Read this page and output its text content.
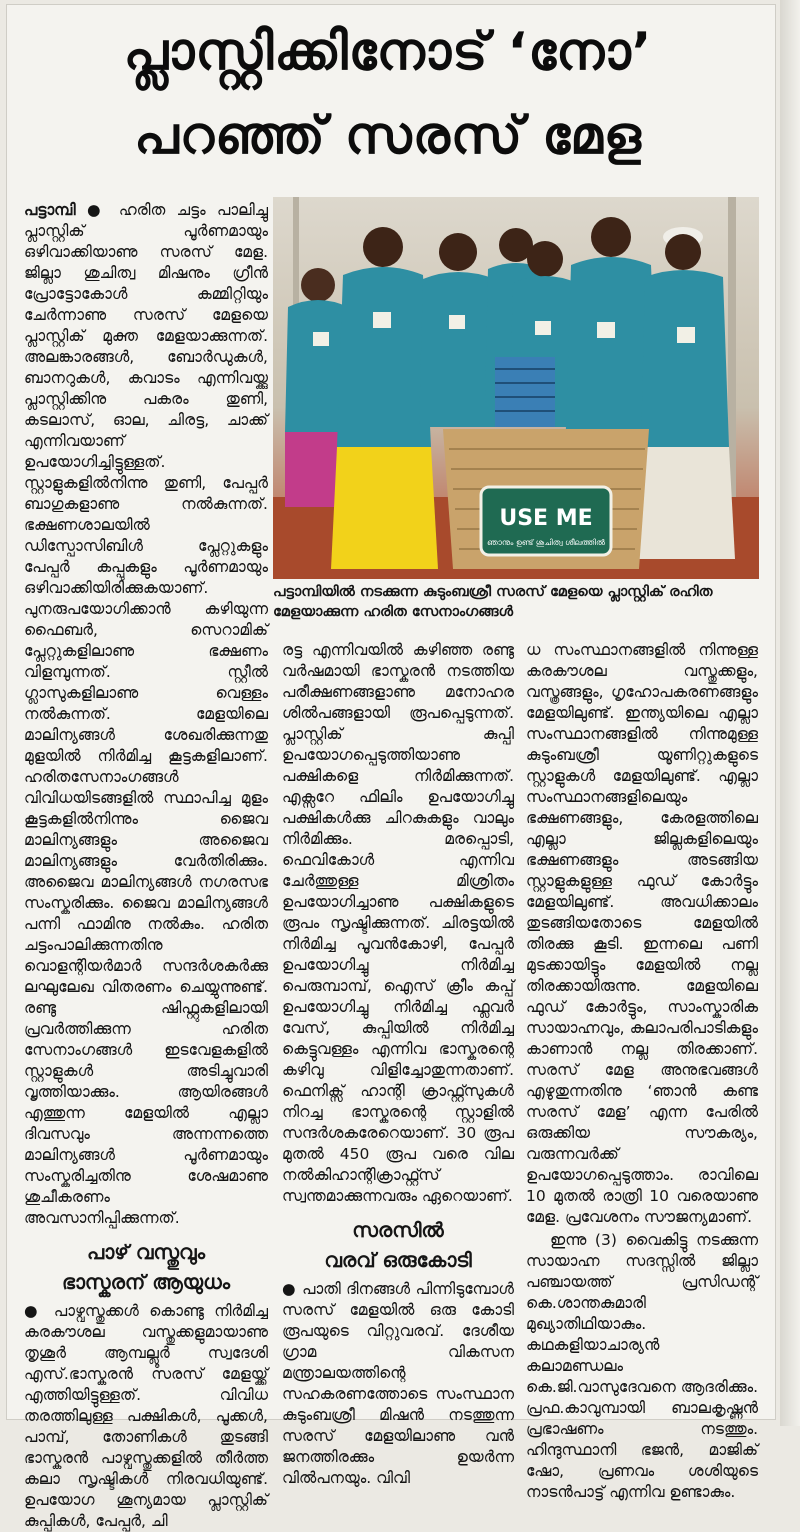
പ്ലാസ്റ്റിക്കിനോട് ‘നോ’
പറഞ്ഞ് സരസ് മേള

പട്ടാമ്പി ● ഹരിത ചട്ടം പാലിച്ചു പ്ലാസ്റ്റിക് പൂർണമായും ഒഴിവാക്കിയാണു സരസ് മേള. ജില്ലാ ശുചിത്വ മിഷനും ഗ്രീൻ പ്രോട്ടോകോൾ കമ്മിറ്റിയും ചേർന്നാണു സരസ് മേളയെ പ്ലാസ്റ്റിക് മുക്ത മേളയാക്കുന്നത്. അലങ്കാരങ്ങൾ, ബോർഡുകൾ, ബാനറുകൾ, കവാടം എന്നിവയ്ക്കു പ്ലാസ്റ്റിക്കിനു പകരം തുണി, കടലാസ്, ഓല, ചിരട്ട, ചാക്ക് എന്നിവയാണ് ഉപയോഗിച്ചിട്ടുള്ളത്. സ്റ്റാളുകളിൽനിന്നു തുണി, പേപ്പർ ബാഗുകളാണു നൽകുന്നത്. ഭക്ഷണശാലയിൽ ഡിസ്പോസിബിൾ പ്ലേറ്റുകളും പേപ്പർ കപ്പുകളും പൂർണമായും ഒഴിവാക്കിയിരിക്കുകയാണ്. പുനരുപയോഗിക്കാൻ കഴിയുന്ന ഫൈബർ, സെറാമിക് പ്ലേറ്റുകളിലാണു ഭക്ഷണം വിളമ്പുന്നത്. സ്റ്റീൽ ഗ്ലാസുകളിലാണു വെള്ളം നൽകുന്നത്. മേളയിലെ മാലിന്യങ്ങൾ ശേഖരിക്കുന്നതു മുളയിൽ നിർമിച്ച കൂട്ടകളിലാണ്. ഹരിതസേനാംഗങ്ങൾ വിവിധയിടങ്ങളിൽ സ്ഥാപിച്ച മുളം കൂട്ടകളിൽനിന്നും ജൈവ മാലിന്യങ്ങളും അജൈവ മാലിന്യങ്ങളും വേർതിരിക്കും. അജൈവ മാലിന്യങ്ങൾ നഗരസഭ സംസ്കരിക്കും. ജൈവ മാലിന്യങ്ങൾ പന്നി ഫാമിനു നൽകും. ഹരിത ചട്ടംപാലിക്കുന്നതിനു വൊളന്റിയർമാർ സന്ദർശകർക്കു ലഘുലേഖ വിതരണം ചെയ്യുന്നുണ്ട്. രണ്ടു ഷിഫ്റ്റുകളിലായി പ്രവർത്തിക്കുന്ന ഹരിത സേനാംഗങ്ങൾ ഇടവേളകളിൽ സ്റ്റാളുകൾ അടിച്ചുവാരി വൃത്തിയാക്കും. ആയിരങ്ങൾ എത്തുന്ന മേളയിൽ എല്ലാ ദിവസവും അന്നന്നത്തെ മാലിന്യങ്ങൾ പൂർണമായും സംസ്കരിച്ചതിനു ശേഷമാണു ശുചീകരണം അവസാനിപ്പിക്കുന്നത്.

പാഴ് വസ്തുവും
ഭാസ്കരന് ആയുധം

● പാഴ്വസ്തുക്കൾ കൊണ്ടു നിർമിച്ച കരകൗശല വസ്തുക്കളുമായാണു തൃശൂർ ആമ്പല്ലൂർ സ്വദേശി എസ്.ഭാസ്കരൻ സരസ് മേളയ്ക്ക് എത്തിയിട്ടുള്ളത്. വിവിധ തരത്തിലുള്ള പക്ഷികൾ, പൂക്കൾ, പാമ്പ്, തോണികൾ തുടങ്ങി ഭാസ്കരൻ പാഴ്വസ്തുക്കളിൽ തീർത്ത കലാ സൃഷ്ടികൾ നിരവധിയുണ്ട്. ഉപയോഗ ശൂന്യമായ പ്ലാസ്റ്റിക് കുപ്പികൾ, പേപ്പർ, ചി

USE ME
ഞാനും ഉണ്ട് ശുചിത്വ ശീലത്തിൽ
പട്ടാമ്പിയിൽ നടക്കുന്ന കുടുംബശ്രീ സരസ് മേളയെ പ്ലാസ്റ്റിക് രഹിത മേളയാക്കുന്ന ഹരിത സേനാംഗങ്ങൾ

രട്ട എന്നിവയിൽ കഴിഞ്ഞ രണ്ടു വർഷമായി ഭാസ്കരൻ നടത്തിയ പരീക്ഷണങ്ങളാണു മനോഹര ശിൽപങ്ങളായി രൂപപ്പെടുന്നത്. പ്ലാസ്റ്റിക് കുപ്പി ഉപയോഗപ്പെടുത്തിയാണു പക്ഷികളെ നിർമിക്കുന്നത്. എക്സറേ ഫിലിം ഉപയോഗിച്ചു പക്ഷികൾക്കു ചിറകുകളും വാലും നിർമിക്കും. മരപ്പൊടി, ഫെവികോൾ എന്നിവ ചേർത്തുള്ള മിശ്രിതം ഉപയോഗിച്ചാണു പക്ഷികളുടെ രൂപം സൃഷ്ടിക്കുന്നത്. ചിരട്ടയിൽ നിർമിച്ച പൂവൻകോഴി, പേപ്പർ ഉപയോഗിച്ചു നിർമിച്ച പെരുമ്പാമ്പ്, ഐസ് ക്രീം കപ്പ് ഉപയോഗിച്ചു നിർമിച്ച ഫ്ലവർ വേസ്, കുപ്പിയിൽ നിർമിച്ച കെട്ടുവള്ളം എന്നിവ ഭാസ്കരന്റെ കഴിവു വിളിച്ചോതുന്നതാണ്. ഫെനിക്സ് ഹാന്റി ക്രാഫ്റ്റ്സുകൾ നിറച്ച ഭാസ്കരന്റെ സ്റ്റാളിൽ സന്ദർശകരേറെയാണ്. 30 രൂപ മുതൽ 450 രൂപ വരെ വില നൽകിഹാന്റിക്രാഫ്റ്റ്സ് സ്വന്തമാക്കുന്നവരും ഏറെയാണ്.

സരസിൽ
വരവ് ഒരുകോടി

● പാതി ദിനങ്ങൾ പിന്നിടുമ്പോൾ സരസ് മേളയിൽ ഒരു കോടി രൂപയുടെ വിറ്റുവരവ്. ദേശീയ ഗ്രാമ വികസന മന്ത്രാലയത്തിന്റെ സഹകരണത്തോടെ സംസ്ഥാന കുടുംബശ്രീ മിഷൻ നടത്തുന്ന സരസ് മേളയിലാണു വൻ ജനത്തിരക്കും ഉയർന്ന വിൽപനയും. വിവി

ധ സംസ്ഥാനങ്ങളിൽ നിന്നുള്ള കരകൗശല വസ്തുക്കളും, വസ്ത്രങ്ങളും, ഗൃഹോപകരണങ്ങളും മേളയിലുണ്ട്. ഇന്ത്യയിലെ എല്ലാ സംസ്ഥാനങ്ങളിൽ നിന്നുമുള്ള കുടുംബശ്രീ യൂണിറ്റുകളുടെ സ്റ്റാളുകൾ മേളയിലുണ്ട്. എല്ലാ സംസ്ഥാനങ്ങളിലെയും ഭക്ഷണങ്ങളും, കേരളത്തിലെ എല്ലാ ജില്ലകളിലെയും ഭക്ഷണങ്ങളും അടങ്ങിയ സ്റ്റാളുകളുള്ള ഫുഡ് കോർട്ടും മേളയിലുണ്ട്. അവധിക്കാലം തുടങ്ങിയതോടെ മേളയിൽ തിരക്കു കൂടി. ഇന്നലെ പണി മുടക്കായിട്ടും മേളയിൽ നല്ല തിരക്കായിരുന്നു. മേളയിലെ ഫുഡ് കോർട്ടും, സാംസ്കാരിക സായാഹ്നവും, കലാപരിപാടികളും കാണാൻ നല്ല തിരക്കാണ്. സരസ് മേള അനുഭവങ്ങൾ എഴുതുന്നതിനു ‘ഞാൻ കണ്ട സരസ് മേള’ എന്ന പേരിൽ ഒരുക്കിയ സൗകര്യം, വരുന്നവർക്ക് ഉപയോഗപ്പെടുത്താം. രാവിലെ 10 മുതൽ രാത്രി 10 വരെയാണു മേള. പ്രവേശനം സൗജന്യമാണ്.

ഇന്നു (3) വൈകിട്ടു നടക്കുന്ന സായാഹ്ന സദസ്സിൽ ജില്ലാ പഞ്ചായത്ത് പ്രസിഡന്റ് കെ.ശാന്തകുമാരി മുഖ്യാതിഥിയാകും. കഥകളിയാചാര്യൻ കലാമണ്ഡലം കെ.ജി.വാസുദേവനെ ആദരിക്കും. പ്രഫ.കാവുമ്പായി ബാലകൃഷ്ണൻ പ്രഭാഷണം നടത്തും. ഹിന്ദുസ്ഥാനി ഭജൻ, മാജിക് ഷോ, പ്രണവം ശശിയുടെ നാടൻപാട്ട് എന്നിവ ഉണ്ടാകും.
